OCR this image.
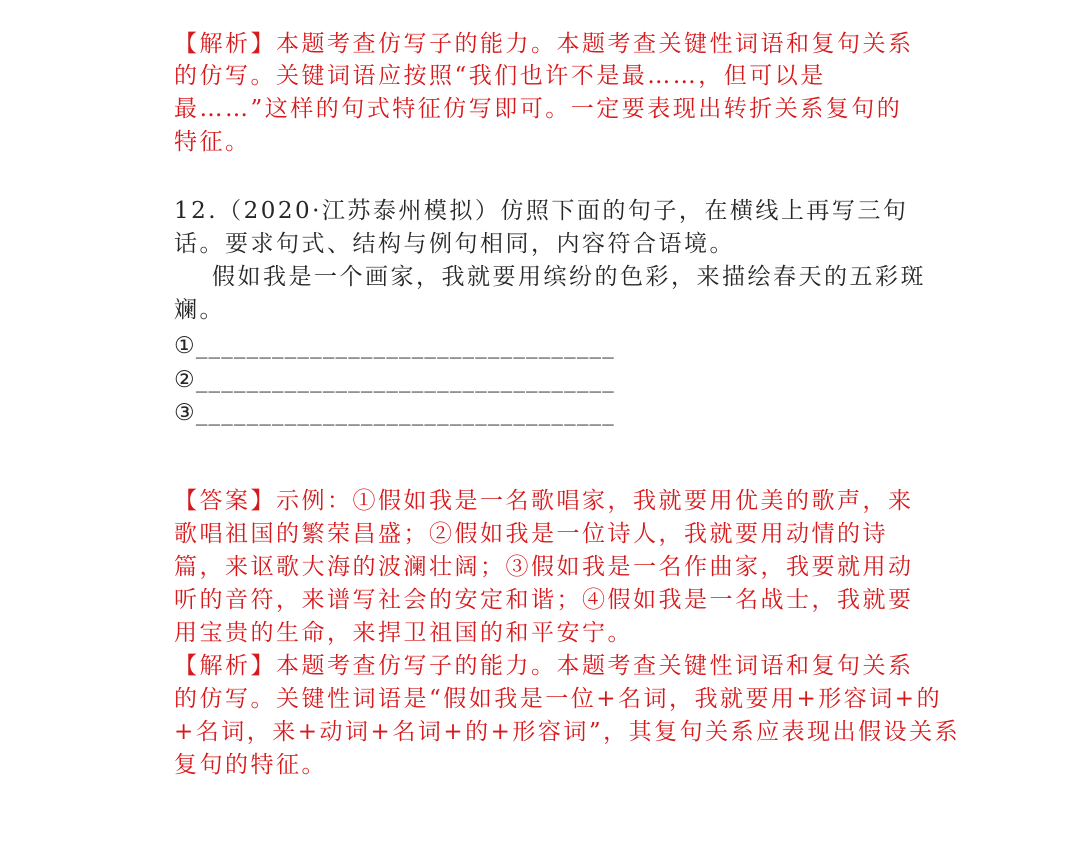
【解析】本题考查仿写子的能力。本题考查关键性词语和复句关系
的仿写。关键词语应按照“我们也许不是最……，但可以是
最……”这样的句式特征仿写即可。一定要表现出转折关系复句的
特征。
12.（2020·江苏泰州模拟）仿照下面的句子，在横线上再写三句
话。要求句式、结构与例句相同，内容符合语境。
假如我是一个画家，我就要用缤纷的色彩，来描绘春天的五彩斑
斓。
①_________________________________
②_________________________________
③_________________________________
【答案】示例：①假如我是一名歌唱家，我就要用优美的歌声，来
歌唱祖国的繁荣昌盛；②假如我是一位诗人，我就要用动情的诗
篇，来讴歌大海的波澜壮阔；③假如我是一名作曲家，我要就用动
听的音符，来谱写社会的安定和谐；④假如我是一名战士，我就要
用宝贵的生命，来捍卫祖国的和平安宁。
【解析】本题考查仿写子的能力。本题考查关键性词语和复句关系
的仿写。关键性词语是“假如我是一位+名词，我就要用+形容词+的
+名词，来+动词+名词+的+形容词”，其复句关系应表现出假设关系
复句的特征。
